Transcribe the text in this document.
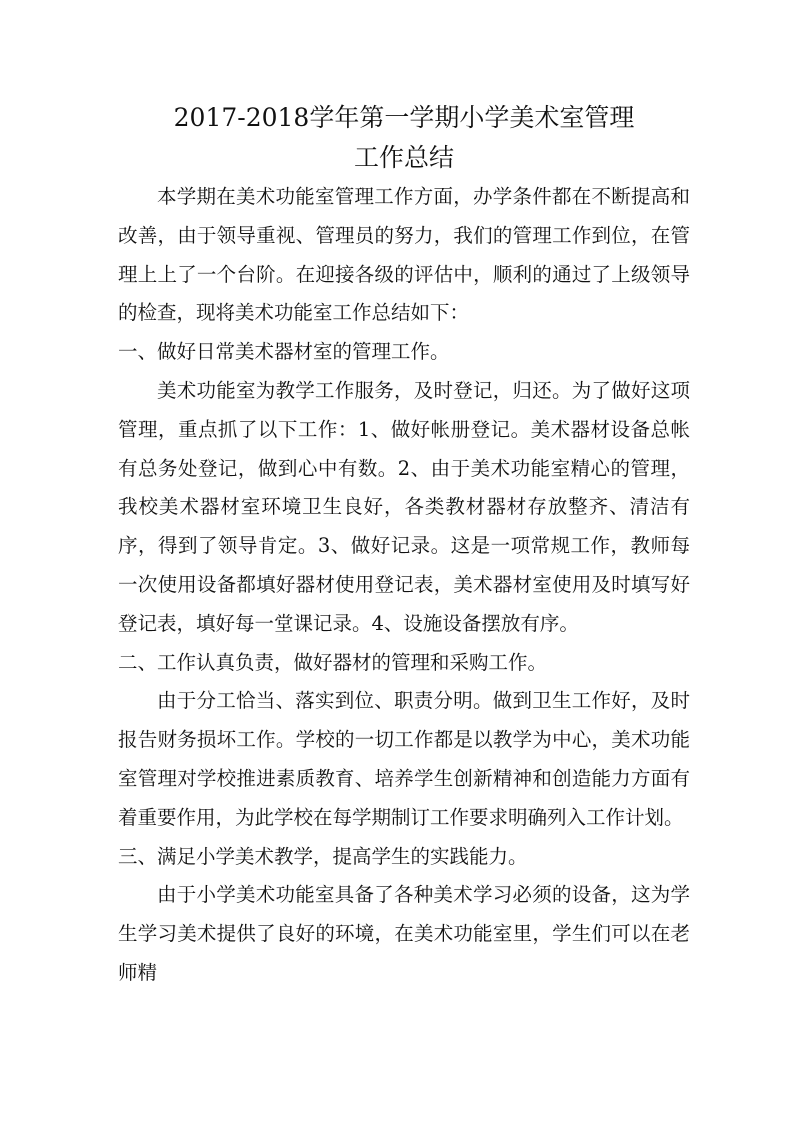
2017-2018学年第一学期小学美术室管理
工作总结

本学期在美术功能室管理工作方面，办学条件都在不断提高和改善，由于领导重视、管理员的努力，我们的管理工作到位，在管理上上了一个台阶。在迎接各级的评估中，顺利的通过了上级领导的检查，现将美术功能室工作总结如下：

一、做好日常美术器材室的管理工作。

美术功能室为教学工作服务，及时登记，归还。为了做好这项管理，重点抓了以下工作：1、做好帐册登记。美术器材设备总帐有总务处登记，做到心中有数。2、由于美术功能室精心的管理，我校美术器材室环境卫生良好，各类教材器材存放整齐、清洁有序，得到了领导肯定。3、做好记录。这是一项常规工作，教师每一次使用设备都填好器材使用登记表，美术器材室使用及时填写好登记表，填好每一堂课记录。4、设施设备摆放有序。

二、工作认真负责，做好器材的管理和采购工作。

由于分工恰当、落实到位、职责分明。做到卫生工作好，及时报告财务损坏工作。学校的一切工作都是以教学为中心，美术功能室管理对学校推进素质教育、培养学生创新精神和创造能力方面有着重要作用，为此学校在每学期制订工作要求明确列入工作计划。

三、满足小学美术教学，提高学生的实践能力。

由于小学美术功能室具备了各种美术学习必须的设备，这为学生学习美术提供了良好的环境，在美术功能室里，学生们可以在老师精
